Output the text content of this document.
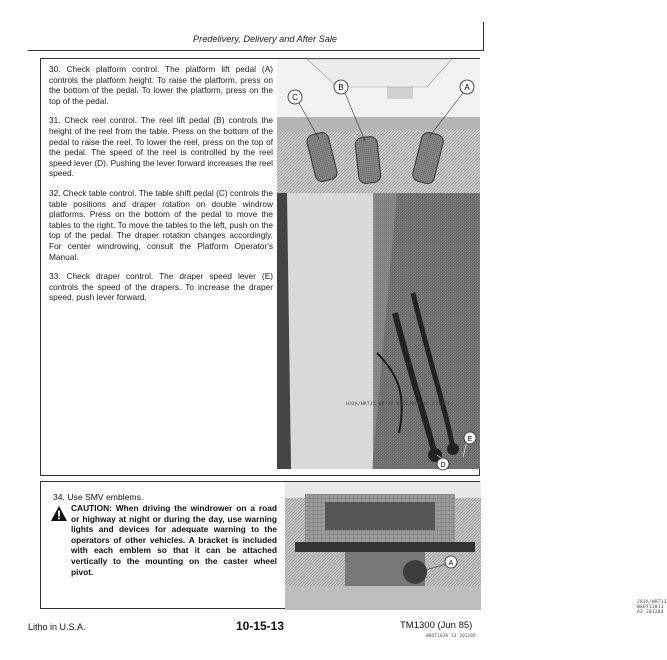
Predelivery, Delivery and After Sale

30. Check platform control. The platform lift pedal (A) controls the platform height. To raise the platform, press on the bottom of the pedal. To lower the platform, press on the top of the pedal.

31. Check reel control. The reel lift pedal (B) controls the height of the reel from the table. Press on the bottom of the pedal to raise the reel. To lower the reel, press on the top of the pedal. The speed of the reel is controlled by the reel speed lever (D). Pushing the lever forward increases the reel speed.

32. Check table control. The table shift pedal (C) controls the table positions and draper rotation on double windrow platforms. Press on the bottom of the pedal to move the tables to the right. To move the tables to the left, push on the top of the pedal. The draper rotation changes accordingly. For center windrowing, consult the Platform Operator's Manual.

33. Check draper control. The draper speed lever (E) controls the speed of the drapers. To increase the draper speed, push lever forward.

C
B	A
D
E
H32A/WRT31 W8730 WOT13016 AE 231284
34. Use SMV emblems.

CAUTION: When driving the windrower on a road or highway at night or during the day, use warning lights and devices for adequate warning to the operators of other vehicles. A bracket is included with each emblem so that it can be attached vertically to the mounting on the caster wheel pivot.

A
J81A/WRT13 W8OT13011 A3 201284
Litho in U.S.A.	10-15-13	TM1300 (Jun 85)
W8OT1030 13 201285
